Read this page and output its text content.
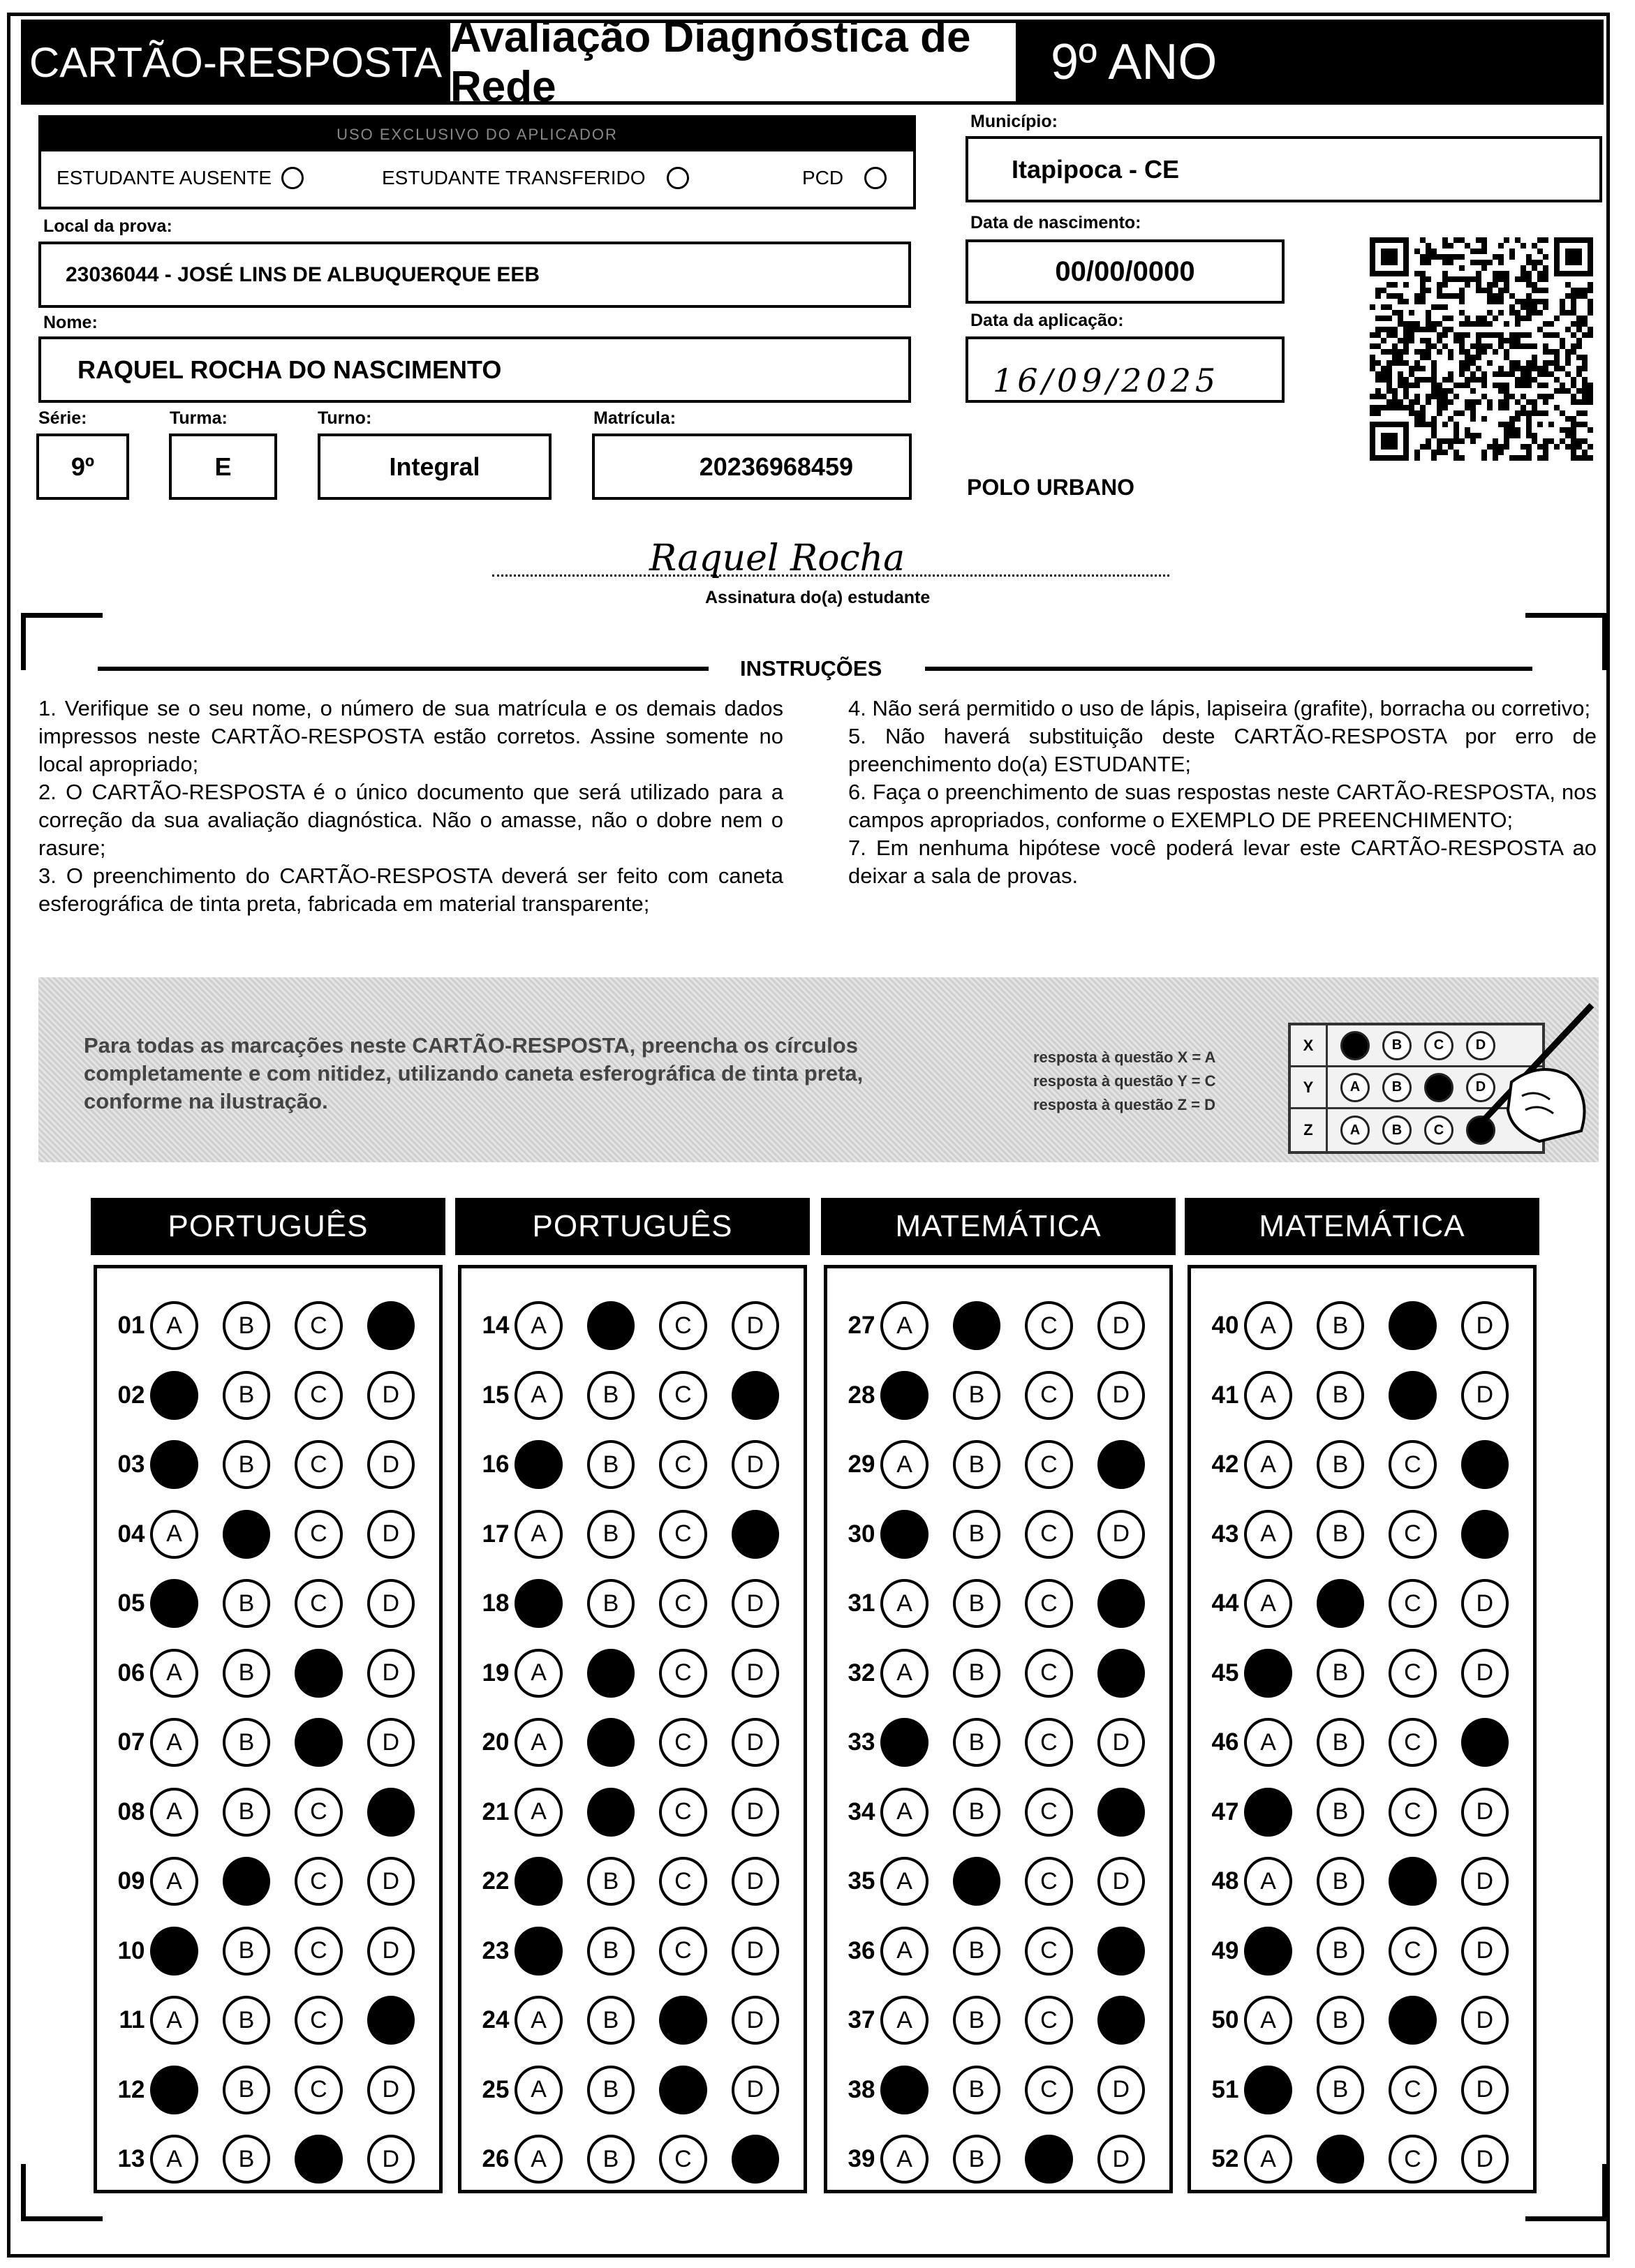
CARTÃO-RESPOSTA
Avaliação Diagnóstica de Rede	9º ANO
USO EXCLUSIVO DO APLICADOR
ESTUDANTE AUSENTE	ESTUDANTE TRANSFERIDO	PCD
Município:
Itapipoca - CE
Local da prova:
23036044 - JOSÉ LINS DE ALBUQUERQUE EEB
Data de nascimento:
00/00/0000
Nome:
RAQUEL ROCHA DO NASCIMENTO
Data da aplicação:
16/09/2025
Série:
9º
Turma:
E
Turno:
Integral
Matrícula:
20236968459
POLO URBANO
Raquel Rocha
Assinatura do(a) estudante
INSTRUÇÕES

1. Verifique se o seu nome, o número de sua matrícula e os demais dados impressos neste CARTÃO-RESPOSTA estão corretos. Assine somente no local apropriado;

2. O CARTÃO-RESPOSTA é o único documento que será utilizado para a correção da sua avaliação diagnóstica. Não o amasse, não o dobre nem o rasure;

3. O preenchimento do CARTÃO-RESPOSTA deverá ser feito com caneta esferográfica de tinta preta, fabricada em material transparente;

4. Não será permitido o uso de lápis, lapiseira (grafite), borracha ou corretivo;

5. Não haverá substituição deste CARTÃO-RESPOSTA por erro de preenchimento do(a) ESTUDANTE;

6. Faça o preenchimento de suas respostas neste CARTÃO-RESPOSTA, nos campos apropriados, conforme o EXEMPLO DE PREENCHIMENTO;

7. Em nenhuma hipótese você poderá levar este CARTÃO-RESPOSTA ao deixar a sala de provas.

Para todas as marcações neste CARTÃO-RESPOSTA, preencha os círculos completamente e com nitidez, utilizando caneta esferográfica de tinta preta, conforme na ilustração.
resposta à questão X = A
resposta à questão Y = C
resposta à questão Z = D
X	B C D
Y	A B	D
Z	A B C
PORTUGUÊS
01 A B C
02	B C D
03	B C D
04 A	C D
05	B C D
06 A B	D
07 A B	D
08 A B C
09 A	C D
10	B C D
11 A B C
12	B C D
13 A B	D
PORTUGUÊS
14 A	C D
15 A B C
16	B C D
17 A B C
18	B C D
19 A	C D
20 A	C D
21 A	C D
22	B C D
23	B C D
24 A B	D
25 A B	D
26 A B C
MATEMÁTICA
27 A	C D
28	B C D
29 A B C
30	B C D
31 A B C
32 A B C
33	B C D
34 A B C
35 A	C D
36 A B C
37 A B C
38	B C D
39 A B	D
MATEMÁTICA
40 A B	D
41 A B	D
42 A B C
43 A B C
44 A	C D
45	B C D
46 A B C
47	B C D
48 A B	D
49	B C D
50 A B	D
51	B C D
52 A	C D
